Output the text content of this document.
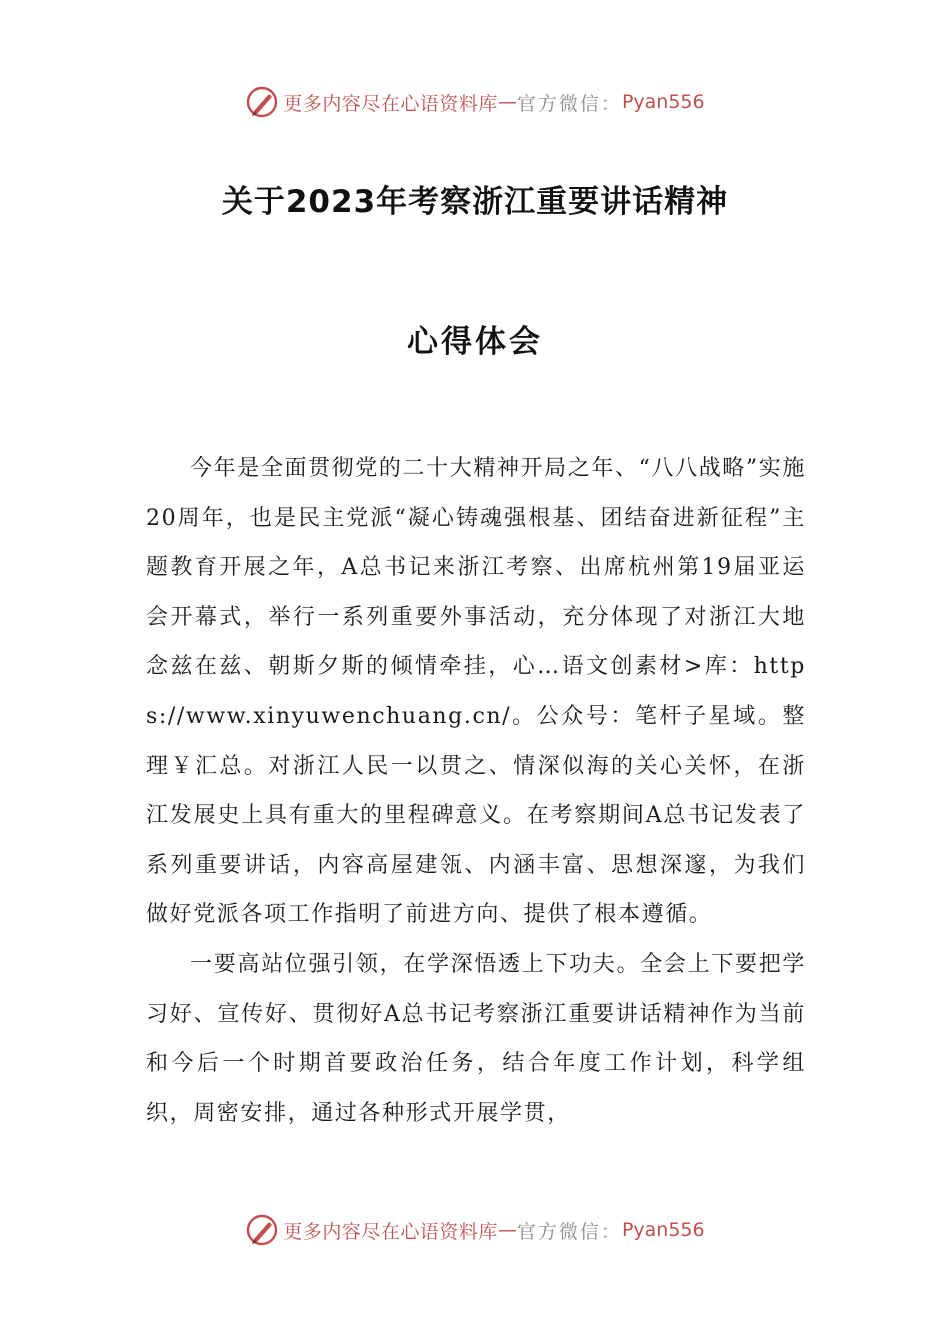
更多内容尽在心语资料库 — 官方微信： Pyan556
关于2023年考察浙江重要讲话精神
心得体会

今年是全面贯彻党的二十大精神开局之年、“八八战略”实施20周年，也是民主党派“凝心铸魂强根基、团结奋进新征程”主题教育开展之年，A总书记来浙江考察、出席杭州第19届亚运会开幕式，举行一系列重要外事活动，充分体现了对浙江大地念兹在兹、朝斯夕斯的倾情牵挂，心…语文创素材>库：https://www.xinyuwenchuang.cn/。公众号：笔杆子星域。整理￥汇总。对浙江人民一以贯之、情深似海的关心关怀，在浙江发展史上具有重大的里程碑意义。在考察期间A总书记发表了系列重要讲话，内容高屋建瓴、内涵丰富、思想深邃，为我们做好党派各项工作指明了前进方向、提供了根本遵循。

一要高站位强引领，在学深悟透上下功夫。全会上下要把学习好、宣传好、贯彻好A总书记考察浙江重要讲话精神作为当前和今后一个时期首要政治任务，结合年度工作计划，科学组织，周密安排，通过各种形式开展学贯，

更多内容尽在心语资料库 — 官方微信： Pyan556
